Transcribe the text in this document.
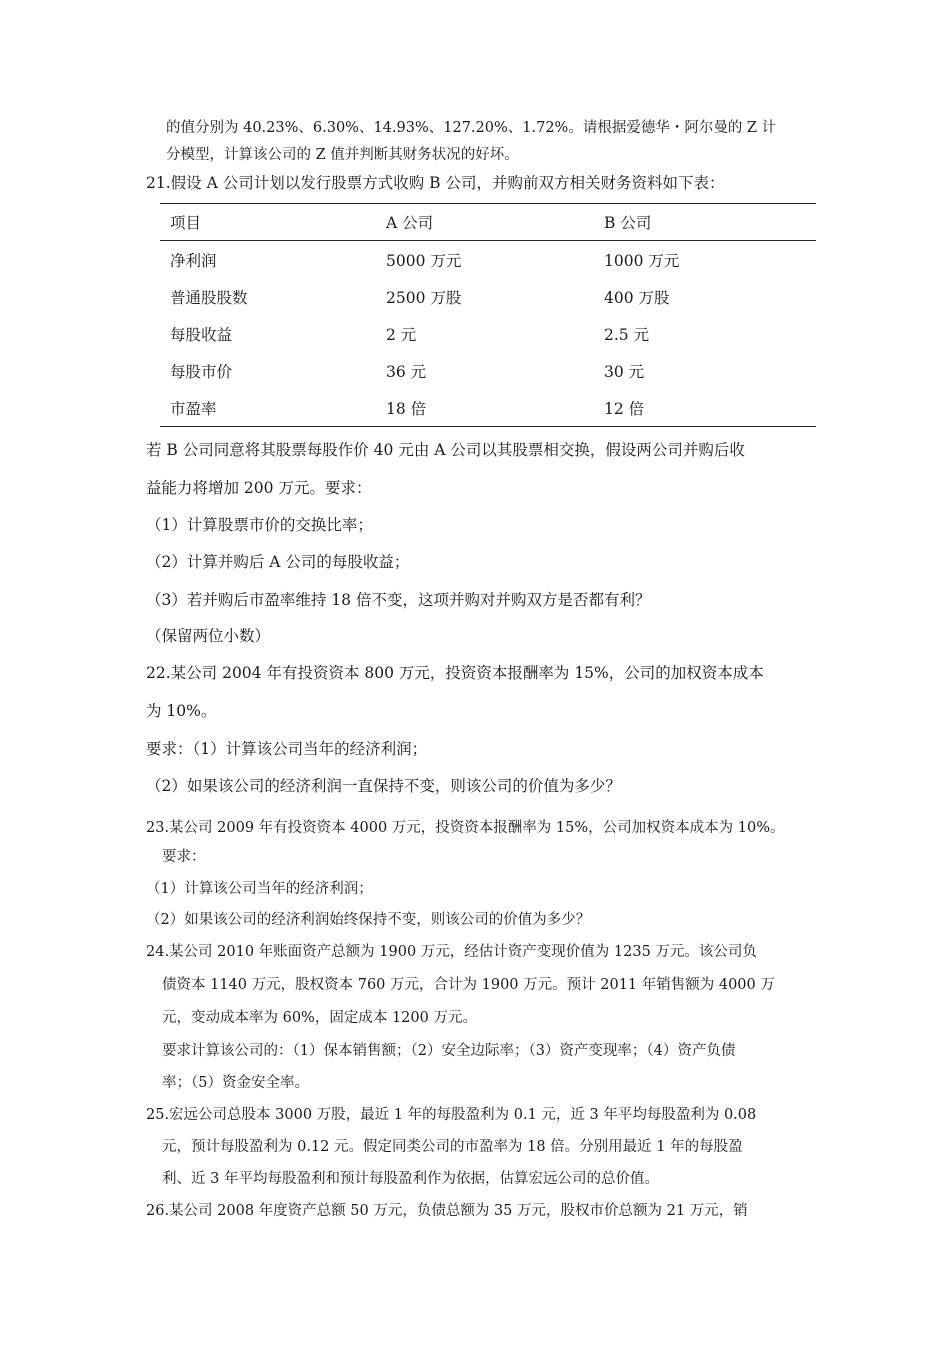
的值分别为 40.23%、6.30%、14.93%、127.20%、1.72%。请根据爱德华・阿尔曼的 Z 计
分模型，计算该公司的 Z 值并判断其财务状况的好坏。
21.假设 A 公司计划以发行股票方式收购 B 公司，并购前双方相关财务资料如下表：
项目	A 公司	B 公司
净利润	5000 万元	1000 万元
普通股股数	2500 万股	400 万股
每股收益	2 元	2.5 元
每股市价	36 元	30 元
市盈率	18 倍	12 倍
若 B 公司同意将其股票每股作价 40 元由 A 公司以其股票相交换，假设两公司并购后收
益能力将增加 200 万元。要求：
（1）计算股票市价的交换比率；
（2）计算并购后 A 公司的每股收益；
（3）若并购后市盈率维持 18 倍不变，这项并购对并购双方是否都有利？
（保留两位小数）
22.某公司 2004 年有投资资本 800 万元，投资资本报酬率为 15%，公司的加权资本成本
为 10%。
要求：（1）计算该公司当年的经济利润；
（2）如果该公司的经济利润一直保持不变，则该公司的价值为多少？
23.某公司 2009 年有投资资本 4000 万元，投资资本报酬率为 15%，公司加权资本成本为 10%。
要求：
（1）计算该公司当年的经济利润；
（2）如果该公司的经济利润始终保持不变，则该公司的价值为多少？
24.某公司 2010 年账面资产总额为 1900 万元，经估计资产变现价值为 1235 万元。该公司负
债资本 1140 万元，股权资本 760 万元，合计为 1900 万元。预计 2011 年销售额为 4000 万
元，变动成本率为 60%，固定成本 1200 万元。
要求计算该公司的：（1）保本销售额；（2）安全边际率；（3）资产变现率；（4）资产负债
率；（5）资金安全率。
25.宏远公司总股本 3000 万股，最近 1 年的每股盈利为 0.1 元，近 3 年平均每股盈利为 0.08
元，预计每股盈利为 0.12 元。假定同类公司的市盈率为 18 倍。分别用最近 1 年的每股盈
利、近 3 年平均每股盈利和预计每股盈利作为依据，估算宏远公司的总价值。
26.某公司 2008 年度资产总额 50 万元，负债总额为 35 万元，股权市价总额为 21 万元，销
